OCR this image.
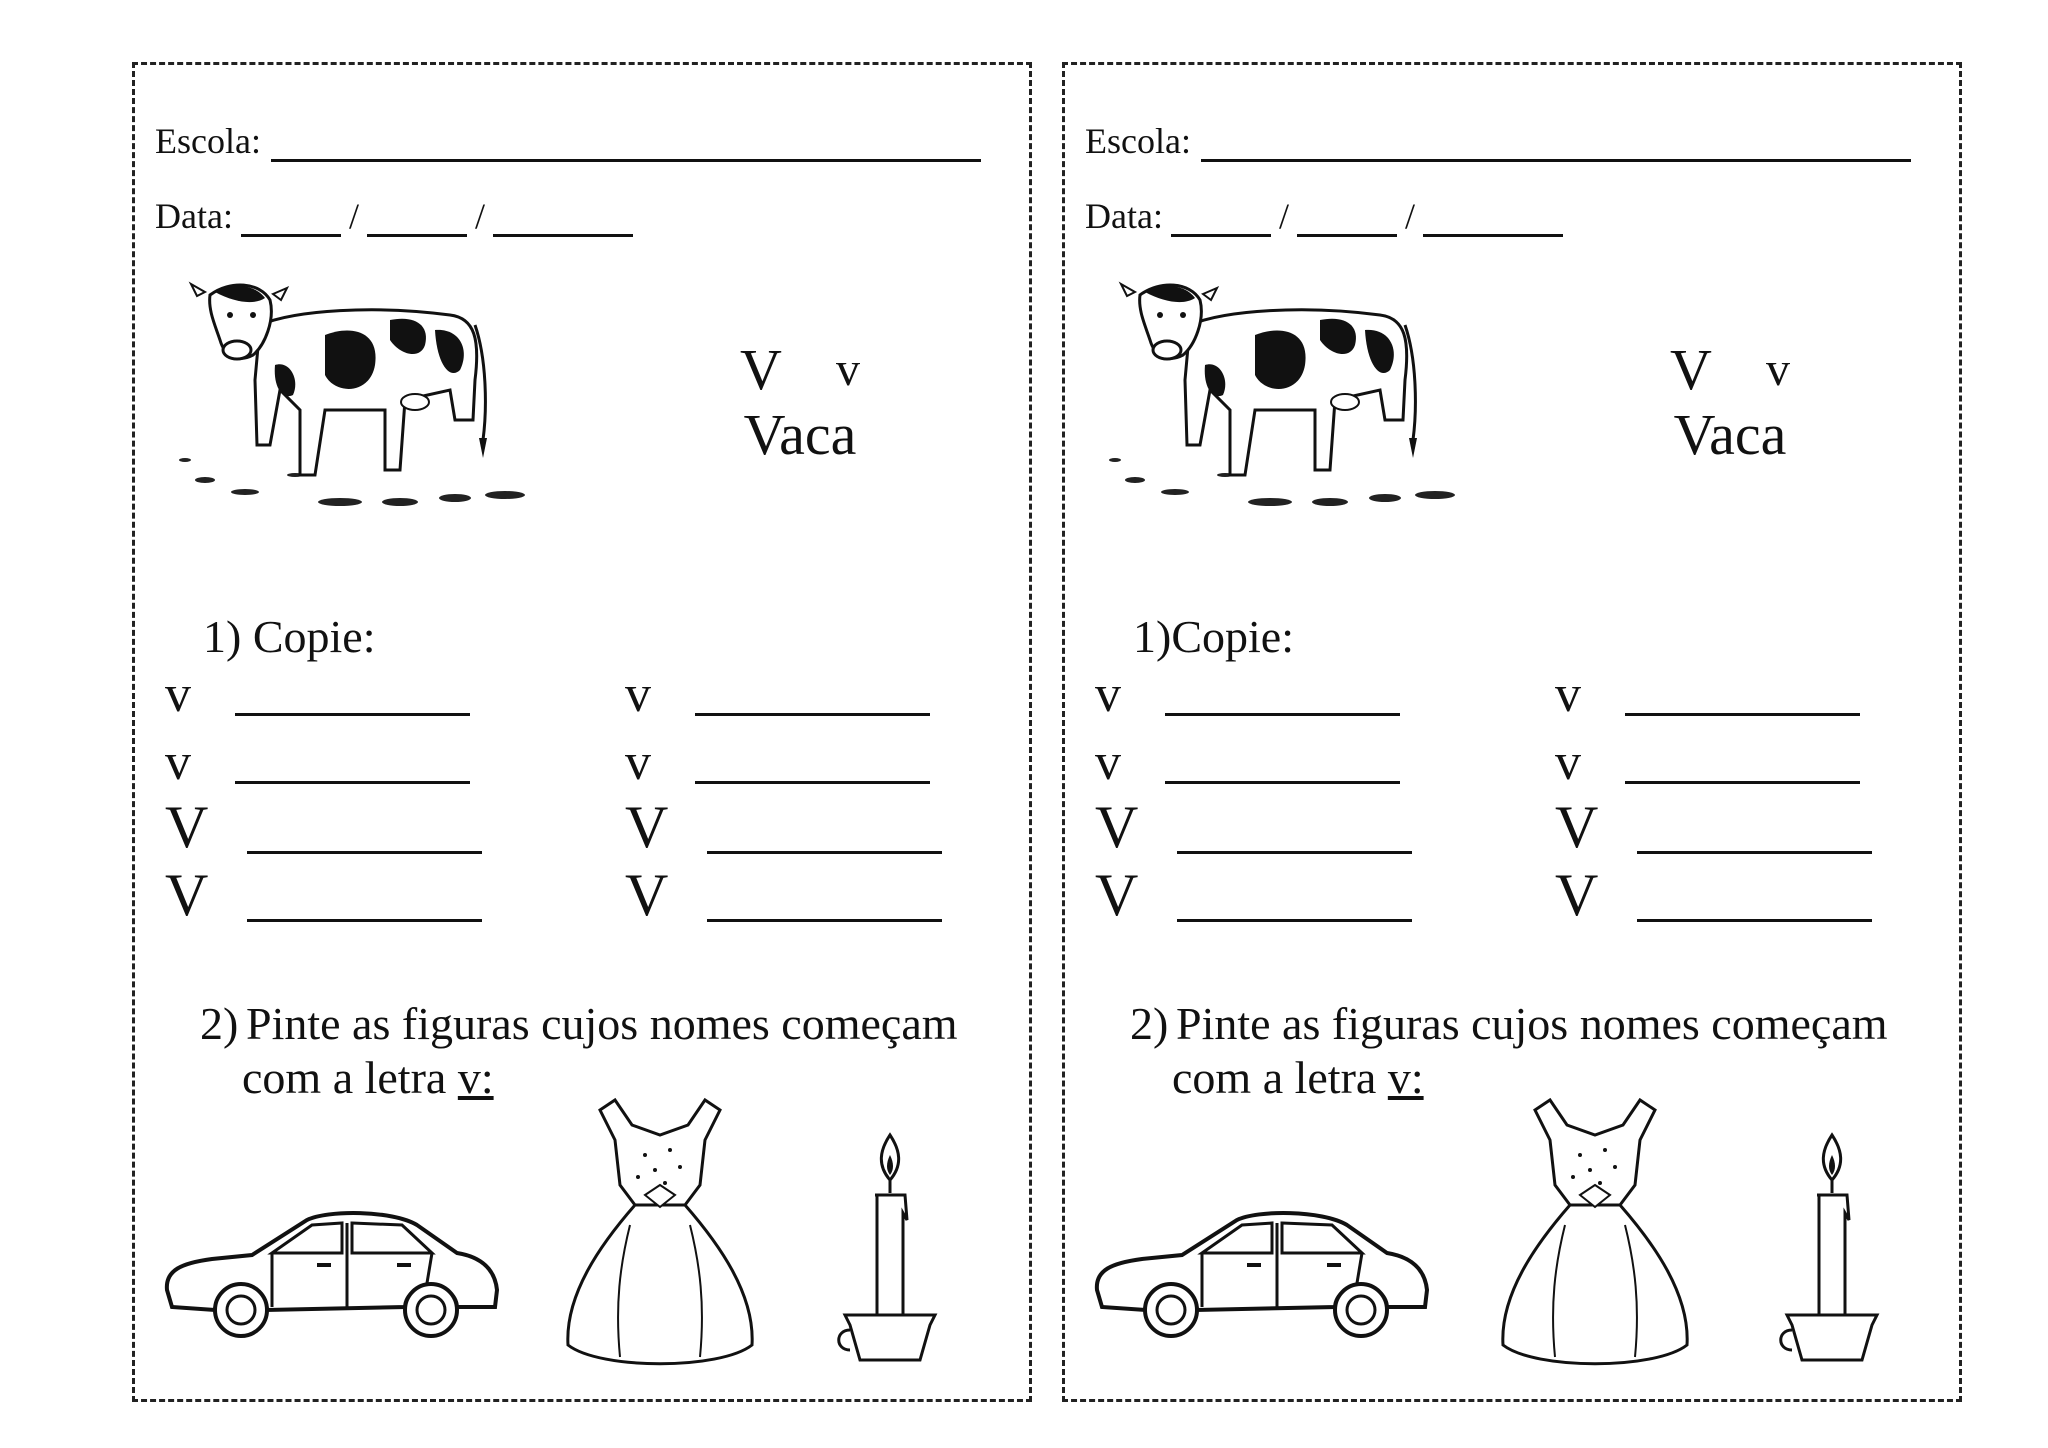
Escola:
Data:	/	/
V v
Vaca
1) Copie:
v	v
v	v
V	V
V	V
2) Pinte as figuras cujos nomes começam
com a letra v:
Escola:
Data:	/	/
V v
Vaca
1)Copie:
v	v
v	v
V	V
V	V
2) Pinte as figuras cujos nomes começam
com a letra v:
